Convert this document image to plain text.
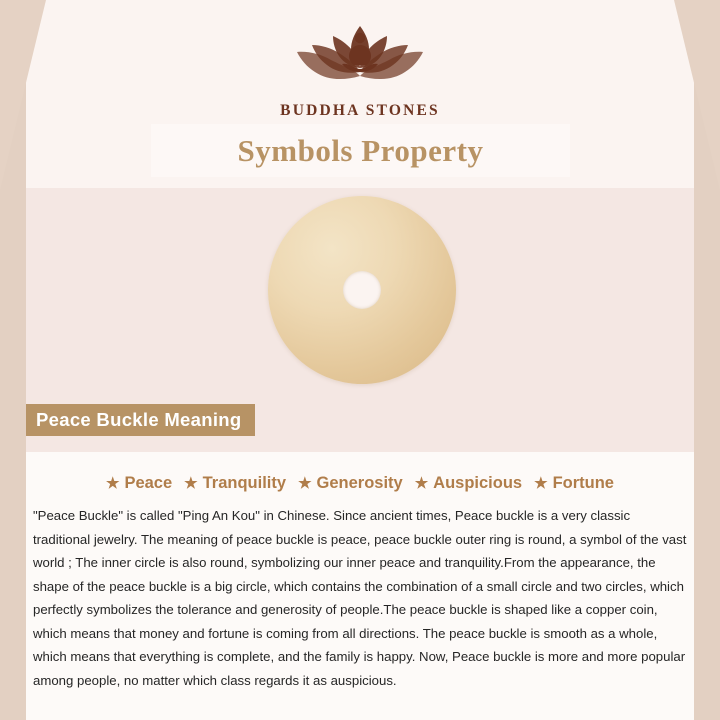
BUDDHA STONES
Symbols Property
Peace Buckle Meaning
★ Peace ★ Tranquility ★ Generosity ★ Auspicious ★ Fortune

"Peace Buckle" is called "Ping An Kou" in Chinese. Since ancient times, Peace buckle is a very classic traditional jewelry. The meaning of peace buckle is peace, peace buckle outer ring is round, a symbol of the vast world ; The inner circle is also round, symbolizing our inner peace and tranquility.From the appearance, the shape of the peace buckle is a big circle, which contains the combination of a small circle and two circles, which perfectly symbolizes the tolerance and generosity of people.The peace buckle is shaped like a copper coin, which means that money and fortune is coming from all directions. The peace buckle is smooth as a whole, which means that everything is complete, and the family is happy. Now, Peace buckle is more and more popular among people, no matter which class regards it as auspicious.
